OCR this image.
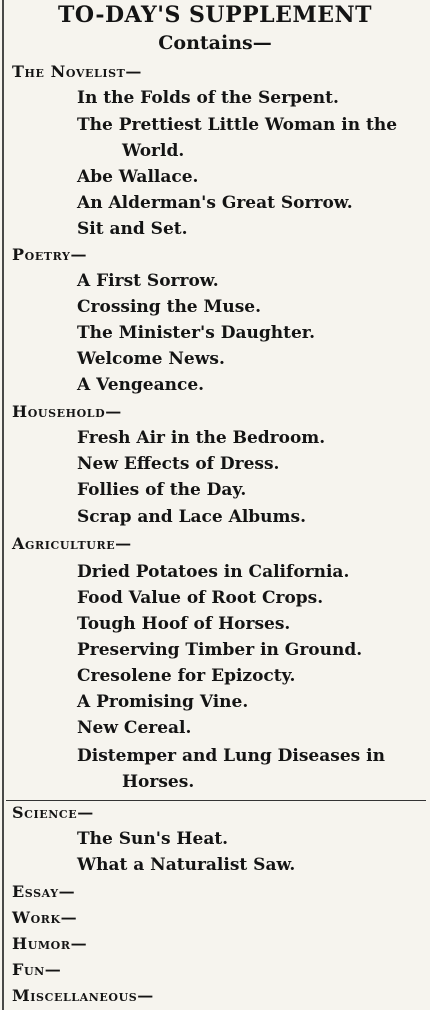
TO-DAY'S SUPPLEMENT
Contains—
The Novelist—
In the Folds of the Serpent.
The Prettiest Little Woman in the
World.
Abe Wallace.
An Alderman's Great Sorrow.
Sit and Set.
Poetry—
A First Sorrow.
Crossing the Muse.
The Minister's Daughter.
Welcome News.
A Vengeance.
Household—
Fresh Air in the Bedroom.
New Effects of Dress.
Follies of the Day.
Scrap and Lace Albums.
Agriculture—
Dried Potatoes in California.
Food Value of Root Crops.
Tough Hoof of Horses.
Preserving Timber in Ground.
Cresolene for Epizocty.
A Promising Vine.
New Cereal.
Distemper and Lung Diseases in
Horses.
Science—
The Sun's Heat.
What a Naturalist Saw.
Essay—
Work—
Humor—
Fun—
Miscellaneous—
